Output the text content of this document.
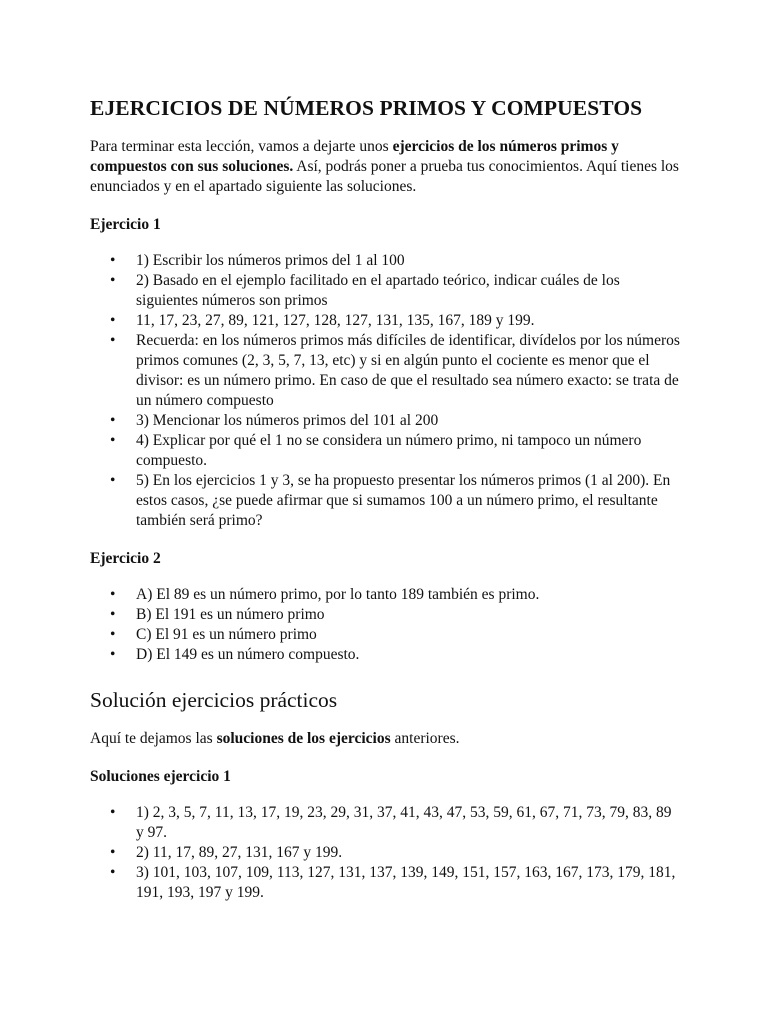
EJERCICIOS DE NÚMEROS PRIMOS Y COMPUESTOS

Para terminar esta lección, vamos a dejarte unos ejercicios de los números primos y compuestos con sus soluciones. Así, podrás poner a prueba tus conocimientos. Aquí tienes los enunciados y en el apartado siguiente las soluciones.

Ejercicio 1

• 1) Escribir los números primos del 1 al 100
• 2) Basado en el ejemplo facilitado en el apartado teórico, indicar cuáles de los siguientes números son primos
• 11, 17, 23, 27, 89, 121, 127, 128, 127, 131, 135, 167, 189 y 199.
• Recuerda: en los números primos más difíciles de identificar, divídelos por los números primos comunes (2, 3, 5, 7, 13, etc) y si en algún punto el cociente es menor que el divisor: es un número primo. En caso de que el resultado sea número exacto: se trata de un número compuesto
• 3) Mencionar los números primos del 101 al 200
• 4) Explicar por qué el 1 no se considera un número primo, ni tampoco un número compuesto.
• 5) En los ejercicios 1 y 3, se ha propuesto presentar los números primos (1 al 200). En estos casos, ¿se puede afirmar que si sumamos 100 a un número primo, el resultante también será primo?

Ejercicio 2

• A) El 89 es un número primo, por lo tanto 189 también es primo.
• B) El 191 es un número primo
• C) El 91 es un número primo
• D) El 149 es un número compuesto.
Solución ejercicios prácticos

Aquí te dejamos las soluciones de los ejercicios anteriores.

Soluciones ejercicio 1

• 1) 2, 3, 5, 7, 11, 13, 17, 19, 23, 29, 31, 37, 41, 43, 47, 53, 59, 61, 67, 71, 73, 79, 83, 89 y 97.
• 2) 11, 17, 89, 27, 131, 167 y 199.
• 3) 101, 103, 107, 109, 113, 127, 131, 137, 139, 149, 151, 157, 163, 167, 173, 179, 181, 191, 193, 197 y 199.
